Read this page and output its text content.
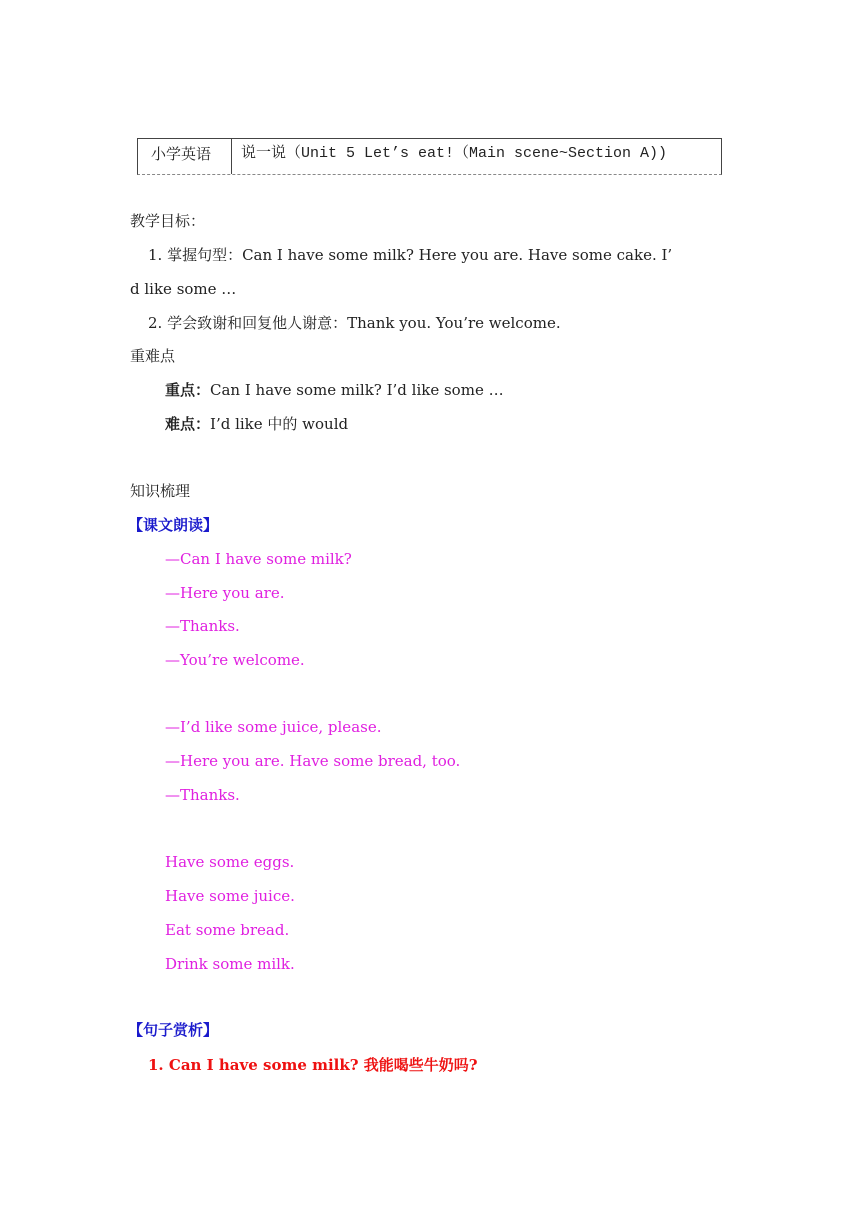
小学英语 说一说（Unit 5 Let’s eat!（Main scene~Section A))
教学目标：
1. 掌握句型：Can I have some milk? Here you are. Have some cake. I’
d like some …
2. 学会致谢和回复他人谢意：Thank you. You’re welcome.
重难点
重点：Can I have some milk? I’d like some …
难点：I’d like 中的 would
知识梳理
【课文朗读】
—Can I have some milk?
—Here you are.
—Thanks.
—You’re welcome.
—I’d like some juice, please.
—Here you are. Have some bread, too.
—Thanks.
Have some eggs.
Have some juice.
Eat some bread.
Drink some milk.
【句子赏析】
1. Can I have some milk? 我能喝些牛奶吗?
